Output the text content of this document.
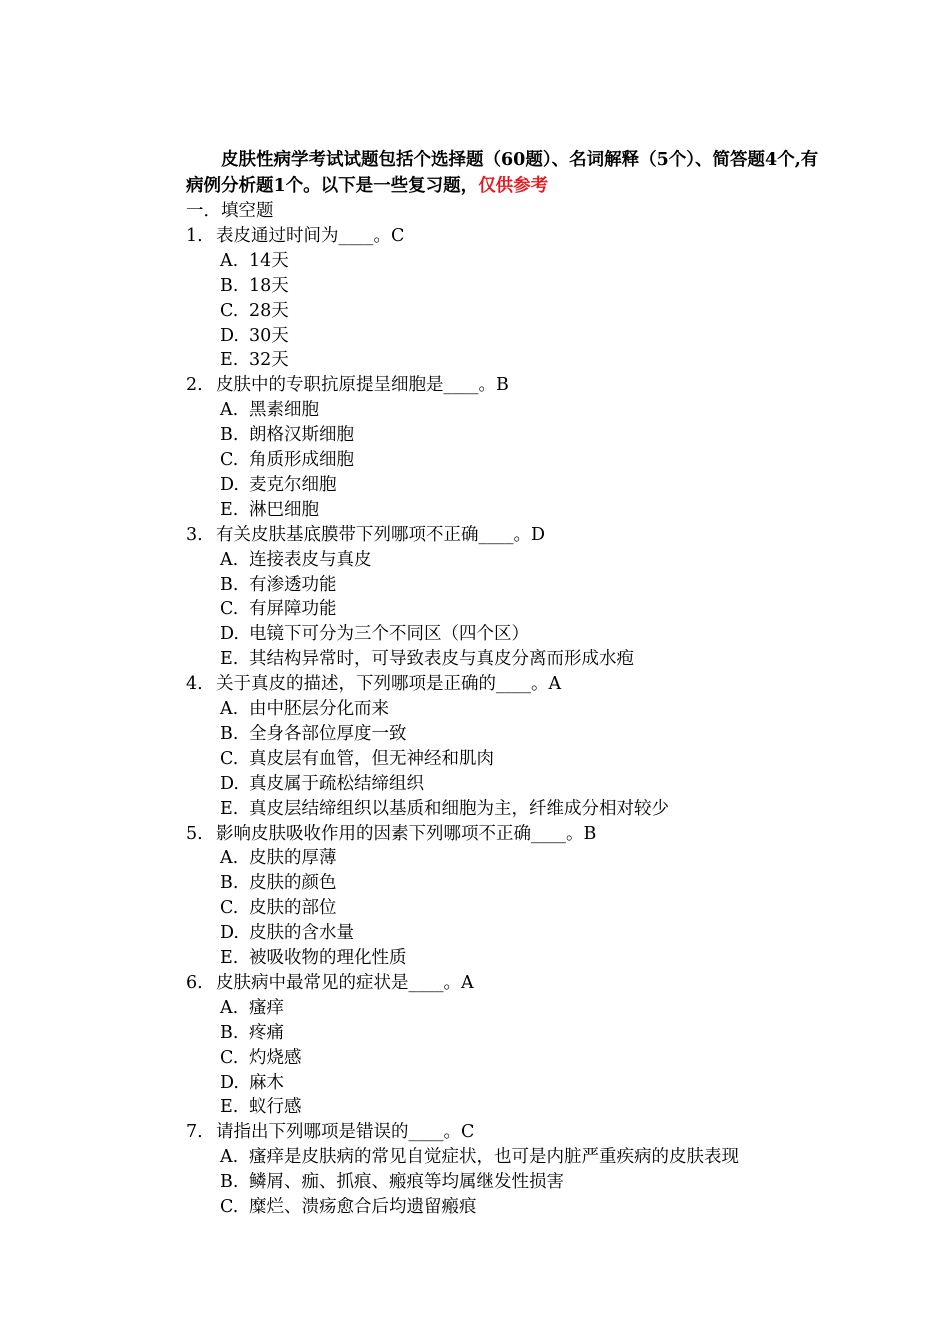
皮肤性病学考试试题包括个选择题（60题）、名词解释（5个）、简答题4个,有病例分析题1个。以下是一些复习题，仅供参考
一．填空题
1. 表皮通过时间为____。C
A. 14天
B. 18天
C. 28天
D. 30天
E. 32天
2. 皮肤中的专职抗原提呈细胞是____。B
A. 黑素细胞
B. 朗格汉斯细胞
C. 角质形成细胞
D. 麦克尔细胞
E. 淋巴细胞
3. 有关皮肤基底膜带下列哪项不正确____。D
A. 连接表皮与真皮
B. 有渗透功能
C. 有屏障功能
D. 电镜下可分为三个不同区（四个区）
E. 其结构异常时，可导致表皮与真皮分离而形成水疱
4. 关于真皮的描述，下列哪项是正确的____。A
A. 由中胚层分化而来
B. 全身各部位厚度一致
C. 真皮层有血管，但无神经和肌肉
D. 真皮属于疏松结缔组织
E. 真皮层结缔组织以基质和细胞为主，纤维成分相对较少
5. 影响皮肤吸收作用的因素下列哪项不正确____。B
A. 皮肤的厚薄
B. 皮肤的颜色
C. 皮肤的部位
D. 皮肤的含水量
E. 被吸收物的理化性质
6. 皮肤病中最常见的症状是____。A
A. 瘙痒
B. 疼痛
C. 灼烧感
D. 麻木
E. 蚁行感
7. 请指出下列哪项是错误的____。C
A. 瘙痒是皮肤病的常见自觉症状，也可是内脏严重疾病的皮肤表现
B. 鳞屑、痂、抓痕、瘢痕等均属继发性损害
C. 糜烂、溃疡愈合后均遗留瘢痕
